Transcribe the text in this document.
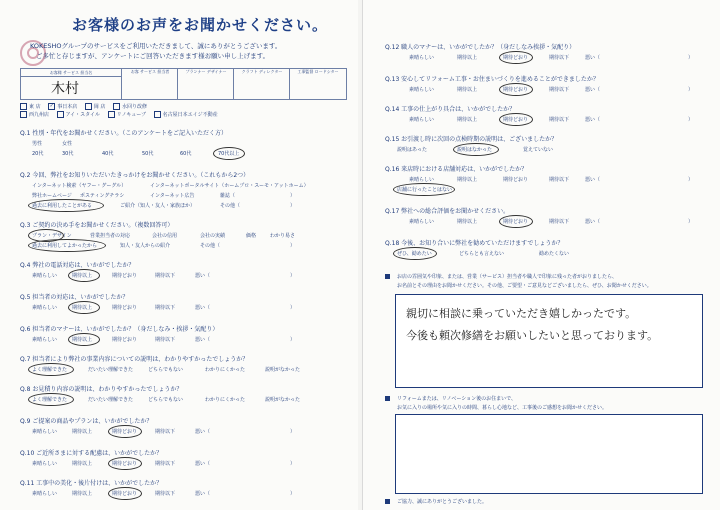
お客様のお声をお聞かせください。
KOKESHOグループのサービスをご利用いただきまして、誠にありがとうございます。
ご多忙と存じますが、アンケートにご回答いただきます様お願い申し上げます。
お客様 サービス 担当名
木村
お客 サービス 担当者	プランナー デザイナー	クラフト ディレクター	工事監督 ロードシター
東 店 ✓ 事日本店	岡 店	水回り改修
西九州店	アイ・スタイル	リノキューブ	名古屋日本エイジ不動産
Q.1 性別・年代をお聞かせください。（このアンケートをご記入いただく方）
男性	女性
20代	30代	40代	50代	60代	70代以上
Q.2 今回、弊社をお知りいただいたきっかけをお聞かせください。（これもから2つ）
インターネット検索（ヤフー・グーグル）	インターネットポータルサイト（ホームプロ・スーモ・アットホーム）
弊社ホームページ ポスティングチラシ	インターネット広告	雑誌（	）
過去に利用したことがある	ご紹介（知人・友人・家族ほか）	その他（	）
Q.3 ご契約の決め手をお聞かせください。（複数回答可）
プラン・デザイン	営業担当者の対応	会社の信用	会社の実績	価格	わかり易さ
過去に利用してよかったから	知人・友人からの紹介	その他（	）
Q.4 弊社の電話対応は、いかがでしたか？
素晴らしい	期待以上	期待どおり	期待以下	悪い（	）
Q.5 担当者の対応は、いかがでしたか？
素晴らしい	期待以上	期待どおり	期待以下	悪い（	）
Q.6 担当者のマナーは、いかがでしたか？（身だしなみ・挨拶・気配り）
素晴らしい	期待以上	期待どおり	期待以下	悪い（	）
Q.7 担当者により弊社の事業内容についての説明は、わかりやすかったでしょうか？
よく理解できた	だいたい理解できた	どちらでもない	わかりにくかった	説明がなかった
Q.8 お見積り内容の説明は、わかりやすかったでしょうか？
よく理解できた	だいたい理解できた	どちらでもない	わかりにくかった	説明がなかった
Q.9 ご提案の商品やプランは、いかがでしたか？
素晴らしい	期待以上	期待どおり	期待以下	悪い（	）
Q.10 ご近所さまに対する配慮は、いかがでしたか？
素晴らしい	期待以上	期待どおり	期待以下	悪い（	）
Q.11 工事中の美化・後片付けは、いかがでしたか？
素晴らしい	期待以上	期待どおり	期待以下	悪い（	）
Q.12 職人のマナーは、いかがでしたか？（身だしなみ挨拶・気配り）
素晴らしい	期待以上	期待どおり	期待以下	悪い（	）
Q.13 安心してリフォーム工事・お住まいづくりを進めることができましたか？
素晴らしい	期待以上	期待どおり	期待以下	悪い（	）
Q.14 工事の仕上がり具合は、いかがでしたか？
素晴らしい	期待以上	期待どおり	期待以下	悪い（	）
Q.15 お引渡し時に次回の点検時期の説明は、ございましたか？
説明はあった	説明はなかった	覚えていない
Q.16 来店時における店舗対応は、いかがでしたか？
素晴らしい	期待以上	期待どおり	期待以下	悪い（	）
店舗に行ったことはない
Q.17 弊社への総合評価をお聞かせください。
素晴らしい	期待以上	期待どおり	期待以下	悪い（	）
Q.18 今後、お知り合いに弊社を勧めていただけますでしょうか？
ぜひ、勧めたい	どちらとも言えない	勧めたくない
お店の雰囲気や印象、または、営業（サービス）担当者や職人で印象に残った者がおりましたら、
お名前とその理由をお聞かせください。その他、ご要望・ご意見などございましたら、ぜひ、お聞かせください。
親切に相談に乗っていただき嬉しかったです。
今後も頼次修繕をお願いしたいと思っております。
リフォームまたは、リノベーション後のお住まいで、
お気に入りの場所や気に入りの時間、暮らし心地など、工事後のご感想をお聞かせください。
ご協力、誠にありがとうございました。
